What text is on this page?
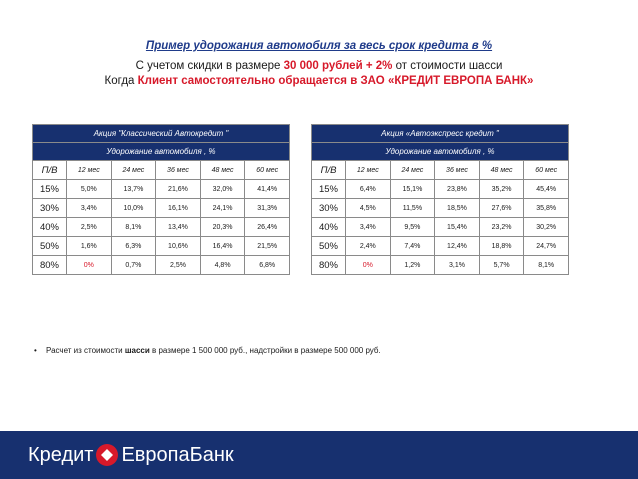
Пример удорожания автомобиля за весь срок кредита в %
С учетом скидки в размере 30 000 рублей + 2% от стоимости шасси
Когда Клиент самостоятельно обращается в ЗАО «КРЕДИТ ЕВРОПА БАНК»
Акция "Классический Автокредит "					
Удорожание автомобиля , %					
П/В	12 мес	24 мес	36 мес	48 мес	60 мес
15%	5,0%	13,7%	21,6%	32,0%	41,4%
30%	3,4%	10,0%	16,1%	24,1%	31,3%
40%	2,5%	8,1%	13,4%	20,3%	26,4%
50%	1,6%	6,3%	10,6%	16,4%	21,5%
80%	0%	0,7%	2,5%	4,8%	6,8%
Акция «Автоэкспресс кредит "					
Удорожание автомобиля , %					
П/В	12 мес	24 мес	36 мес	48 мес	60 мес
15%	6,4%	15,1%	23,8%	35,2%	45,4%
30%	4,5%	11,5%	18,5%	27,6%	35,8%
40%	3,4%	9,5%	15,4%	23,2%	30,2%
50%	2,4%	7,4%	12,4%	18,8%	24,7%
80%	0%	1,2%	3,1%	5,7%	8,1%
• Расчет из стоимости шасси в размере 1 500 000 руб., надстройки в размере 500 000 руб.
Кредит ЕвропаБанк
